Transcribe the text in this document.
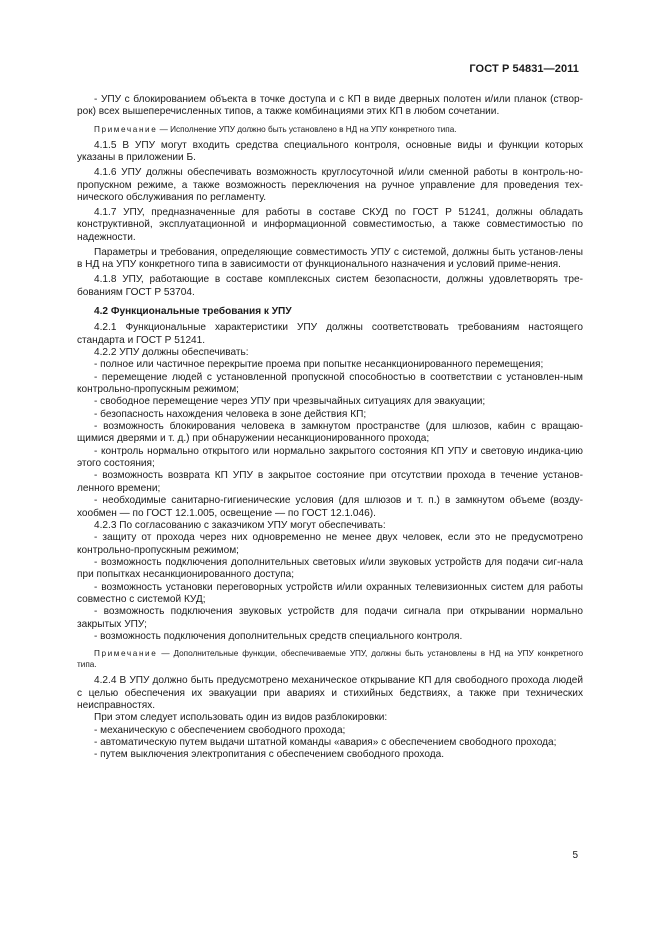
ГОСТ Р 54831—2011

- УПУ с блокированием объекта в точке доступа и с КП в виде дверных полотен и/или планок (створ-рок) всех вышеперечисленных типов, а также комбинациями этих КП в любом сочетании.

Примечание — Исполнение УПУ должно быть установлено в НД на УПУ конкретного типа.

4.1.5 В УПУ могут входить средства специального контроля, основные виды и функции которых указаны в приложении Б.

4.1.6 УПУ должны обеспечивать возможность круглосуточной и/или сменной работы в контроль-но-пропускном режиме, а также возможность переключения на ручное управление для проведения тех-нического обслуживания по регламенту.

4.1.7 УПУ, предназначенные для работы в составе СКУД по ГОСТ Р 51241, должны обладать конструктивной, эксплуатационной и информационной совместимостью, а также совместимостью по надежности.

Параметры и требования, определяющие совместимость УПУ с системой, должны быть установ-лены в НД на УПУ конкретного типа в зависимости от функционального назначения и условий приме-нения.

4.1.8 УПУ, работающие в составе комплексных систем безопасности, должны удовлетворять тре-бованиям ГОСТ Р 53704.

4.2 Функциональные требования к УПУ

4.2.1 Функциональные характеристики УПУ должны соответствовать требованиям настоящего стандарта и ГОСТ Р 51241.

4.2.2 УПУ должны обеспечивать:

- полное или частичное перекрытие проема при попытке несанкционированного перемещения;

- перемещение людей с установленной пропускной способностью в соответствии с установлен-ным контрольно-пропускным режимом;

- свободное перемещение через УПУ при чрезвычайных ситуациях для эвакуации;

- безопасность нахождения человека в зоне действия КП;

- возможность блокирования человека в замкнутом пространстве (для шлюзов, кабин с вращаю-щимися дверями и т. д.) при обнаружении несанкционированного прохода;

- контроль нормально открытого или нормально закрытого состояния КП УПУ и световую индика-цию этого состояния;

- возможность возврата КП УПУ в закрытое состояние при отсутствии прохода в течение установ-ленного времени;

- необходимые санитарно-гигиенические условия (для шлюзов и т. п.) в замкнутом объеме (возду-хообмен — по ГОСТ 12.1.005, освещение — по ГОСТ 12.1.046).

4.2.3 По согласованию с заказчиком УПУ могут обеспечивать:

- защиту от прохода через них одновременно не менее двух человек, если это не предусмотрено контрольно-пропускным режимом;

- возможность подключения дополнительных световых и/или звуковых устройств для подачи сиг-нала при попытках несанкционированного доступа;

- возможность установки переговорных устройств и/или охранных телевизионных систем для работы совместно с системой КУД;

- возможность подключения звуковых устройств для подачи сигнала при открывании нормально закрытых УПУ;

- возможность подключения дополнительных средств специального контроля.

Примечание — Дополнительные функции, обеспечиваемые УПУ, должны быть установлены в НД на УПУ конкретного типа.

4.2.4 В УПУ должно быть предусмотрено механическое открывание КП для свободного прохода людей с целью обеспечения их эвакуации при авариях и стихийных бедствиях, а также при технических неисправностях.

При этом следует использовать один из видов разблокировки:

- механическую с обеспечением свободного прохода;

- автоматическую путем выдачи штатной команды «авария» с обеспечением свободного прохода;

- путем выключения электропитания с обеспечением свободного прохода.

5
